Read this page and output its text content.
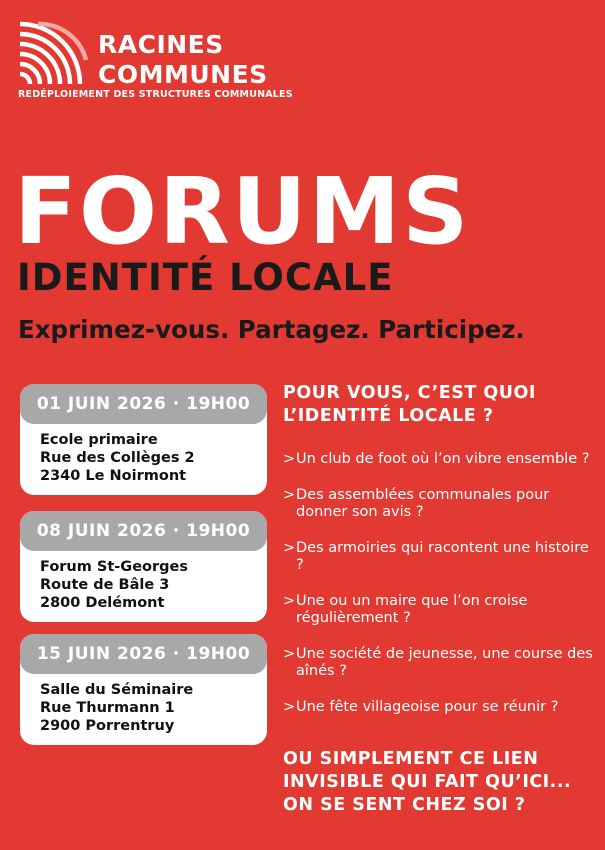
RACINES
COMMUNES
REDÉPLOIEMENT DES STRUCTURES COMMUNALES
FORUMS
IDENTITÉ LOCALE
Exprimez-vous. Partagez. Participez.
01 JUIN 2026 · 19H00
Ecole primaire
Rue des Collèges 2
2340 Le Noirmont
08 JUIN 2026 · 19H00
Forum St-Georges
Route de Bâle 3
2800 Delémont
15 JUIN 2026 · 19H00
Salle du Séminaire
Rue Thurmann 1
2900 Porrentruy
POUR VOUS, C’EST QUOI
L’IDENTITÉ LOCALE ?
> Un club de foot où l’on vibre ensemble ?
> Des assemblées communales pour donner son avis ?
> Des armoiries qui racontent une histoire ?
> Une ou un maire que l’on croise régulièrement ?
> Une société de jeunesse, une course des aînés ?
> Une fête villageoise pour se réunir ?
OU SIMPLEMENT CE LIEN
INVISIBLE QUI FAIT QU’ICI...
ON SE SENT CHEZ SOI ?
